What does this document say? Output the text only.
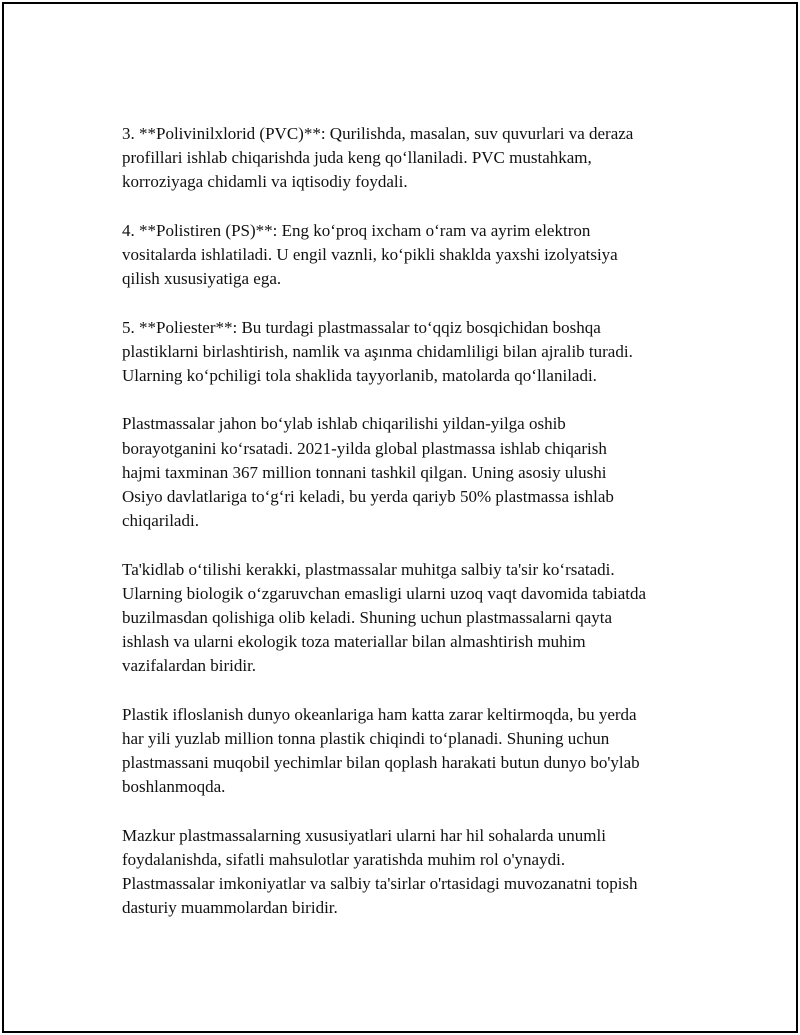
3. **Polivinilxlorid (PVC)**: Qurilishda, masalan, suv quvurlari va deraza
profillari ishlab chiqarishda juda keng qo‘llaniladi. PVC mustahkam,
korroziyaga chidamli va iqtisodiy foydali.

4. **Polistiren (PS)**: Eng ko‘proq ixcham o‘ram va ayrim elektron
vositalarda ishlatiladi. U engil vaznli, ko‘pikli shaklda yaxshi izolyatsiya
qilish xususiyatiga ega.

5. **Poliester**: Bu turdagi plastmassalar to‘qqiz bosqichidan boshqa
plastiklarni birlashtirish, namlik va aşınma chidamliligi bilan ajralib turadi.
Ularning ko‘pchiligi tola shaklida tayyorlanib, matolarda qo‘llaniladi.

Plastmassalar jahon bo‘ylab ishlab chiqarilishi yildan-yilga oshib
borayotganini ko‘rsatadi. 2021-yilda global plastmassa ishlab chiqarish
hajmi taxminan 367 million tonnani tashkil qilgan. Uning asosiy ulushi
Osiyo davlatlariga to‘g‘ri keladi, bu yerda qariyb 50% plastmassa ishlab
chiqariladi.

Ta'kidlab o‘tilishi kerakki, plastmassalar muhitga salbiy ta'sir ko‘rsatadi.
Ularning biologik o‘zgaruvchan emasligi ularni uzoq vaqt davomida tabiatda
buzilmasdan qolishiga olib keladi. Shuning uchun plastmassalarni qayta
ishlash va ularni ekologik toza materiallar bilan almashtirish muhim
vazifalardan biridir.

Plastik ifloslanish dunyo okeanlariga ham katta zarar keltirmoqda, bu yerda
har yili yuzlab million tonna plastik chiqindi to‘planadi. Shuning uchun
plastmassani muqobil yechimlar bilan qoplash harakati butun dunyo bo'ylab
boshlanmoqda.

Mazkur plastmassalarning xususiyatlari ularni har hil sohalarda unumli
foydalanishda, sifatli mahsulotlar yaratishda muhim rol o'ynaydi.
Plastmassalar imkoniyatlar va salbiy ta'sirlar o'rtasidagi muvozanatni topish
dasturiy muammolardan biridir.
